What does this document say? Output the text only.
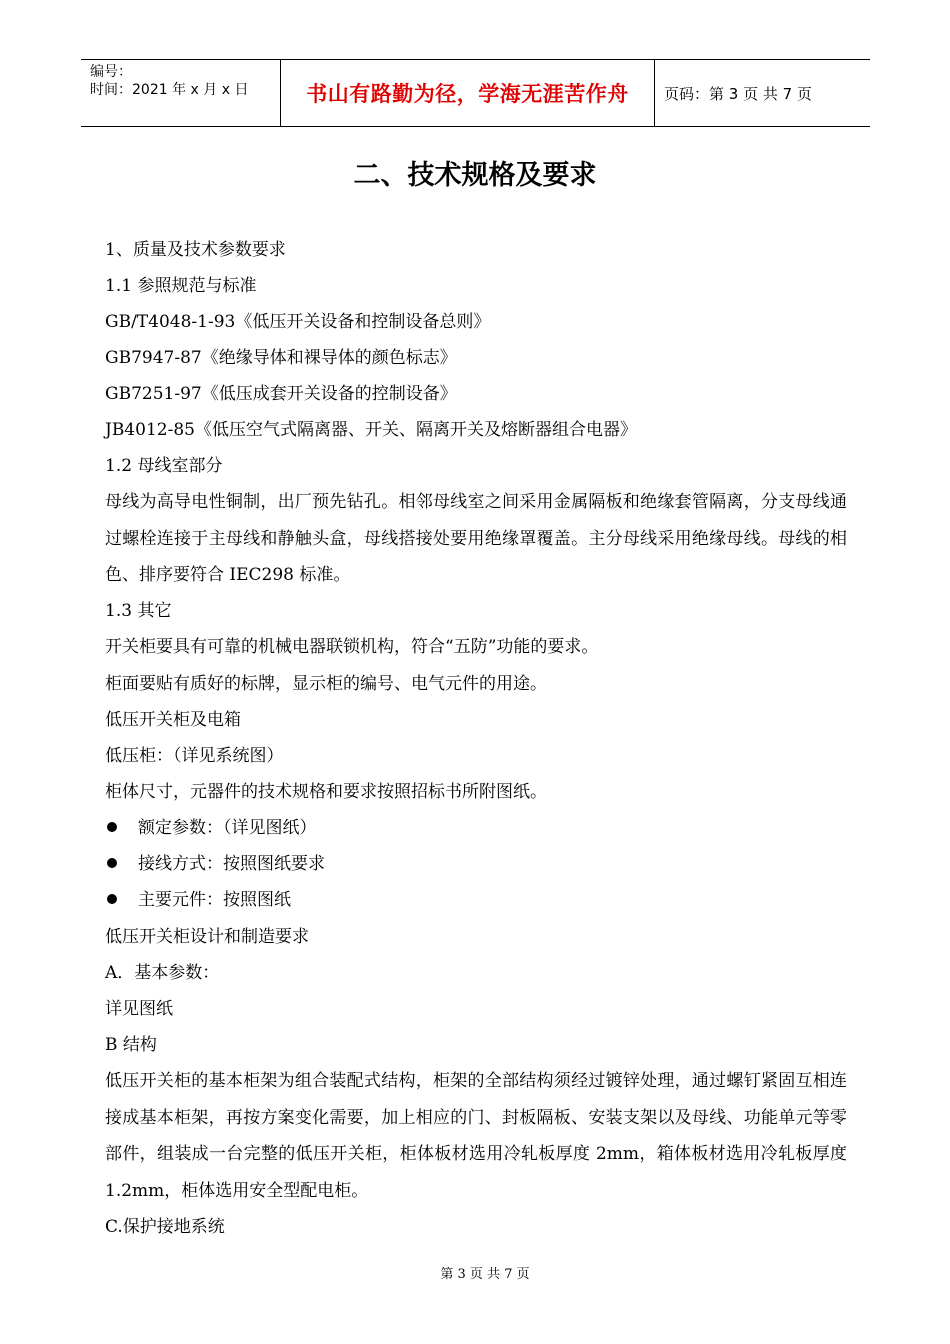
编号：
时间：2021 年 x 月 x 日	书山有路勤为径，学海无涯苦作舟	页码：第 3 页 共 7 页
二、技术规格及要求
1、质量及技术参数要求
1.1 参照规范与标准
GB/T4048-1-93《低压开关设备和控制设备总则》
GB7947-87《绝缘导体和裸导体的颜色标志》
GB7251-97《低压成套开关设备的控制设备》
JB4012-85《低压空气式隔离器、开关、隔离开关及熔断器组合电器》
1.2 母线室部分
母线为高导电性铜制，出厂预先钻孔。相邻母线室之间采用金属隔板和绝缘套管隔离，分支母线通过螺栓连接于主母线和静触头盒，母线搭接处要用绝缘罩覆盖。主分母线采用绝缘母线。母线的相色、排序要符合 IEC298 标准。
1.3 其它
开关柜要具有可靠的机械电器联锁机构，符合“五防”功能的要求。
柜面要贴有质好的标牌，显示柜的编号、电气元件的用途。
低压开关柜及电箱
低压柜：（详见系统图）
柜体尺寸，元器件的技术规格和要求按照招标书所附图纸。
额定参数：（详见图纸）
接线方式：按照图纸要求
主要元件：按照图纸
低压开关柜设计和制造要求
A．基本参数：
详见图纸
B 结构
低压开关柜的基本柜架为组合装配式结构，柜架的全部结构须经过镀锌处理，通过螺钉紧固互相连接成基本柜架，再按方案变化需要，加上相应的门、封板隔板、安装支架以及母线、功能单元等零部件，组装成一台完整的低压开关柜，柜体板材选用冷轧板厚度 2mm，箱体板材选用冷轧板厚度 1.2mm，柜体选用安全型配电柜。
C.保护接地系统
第 3 页 共 7 页
